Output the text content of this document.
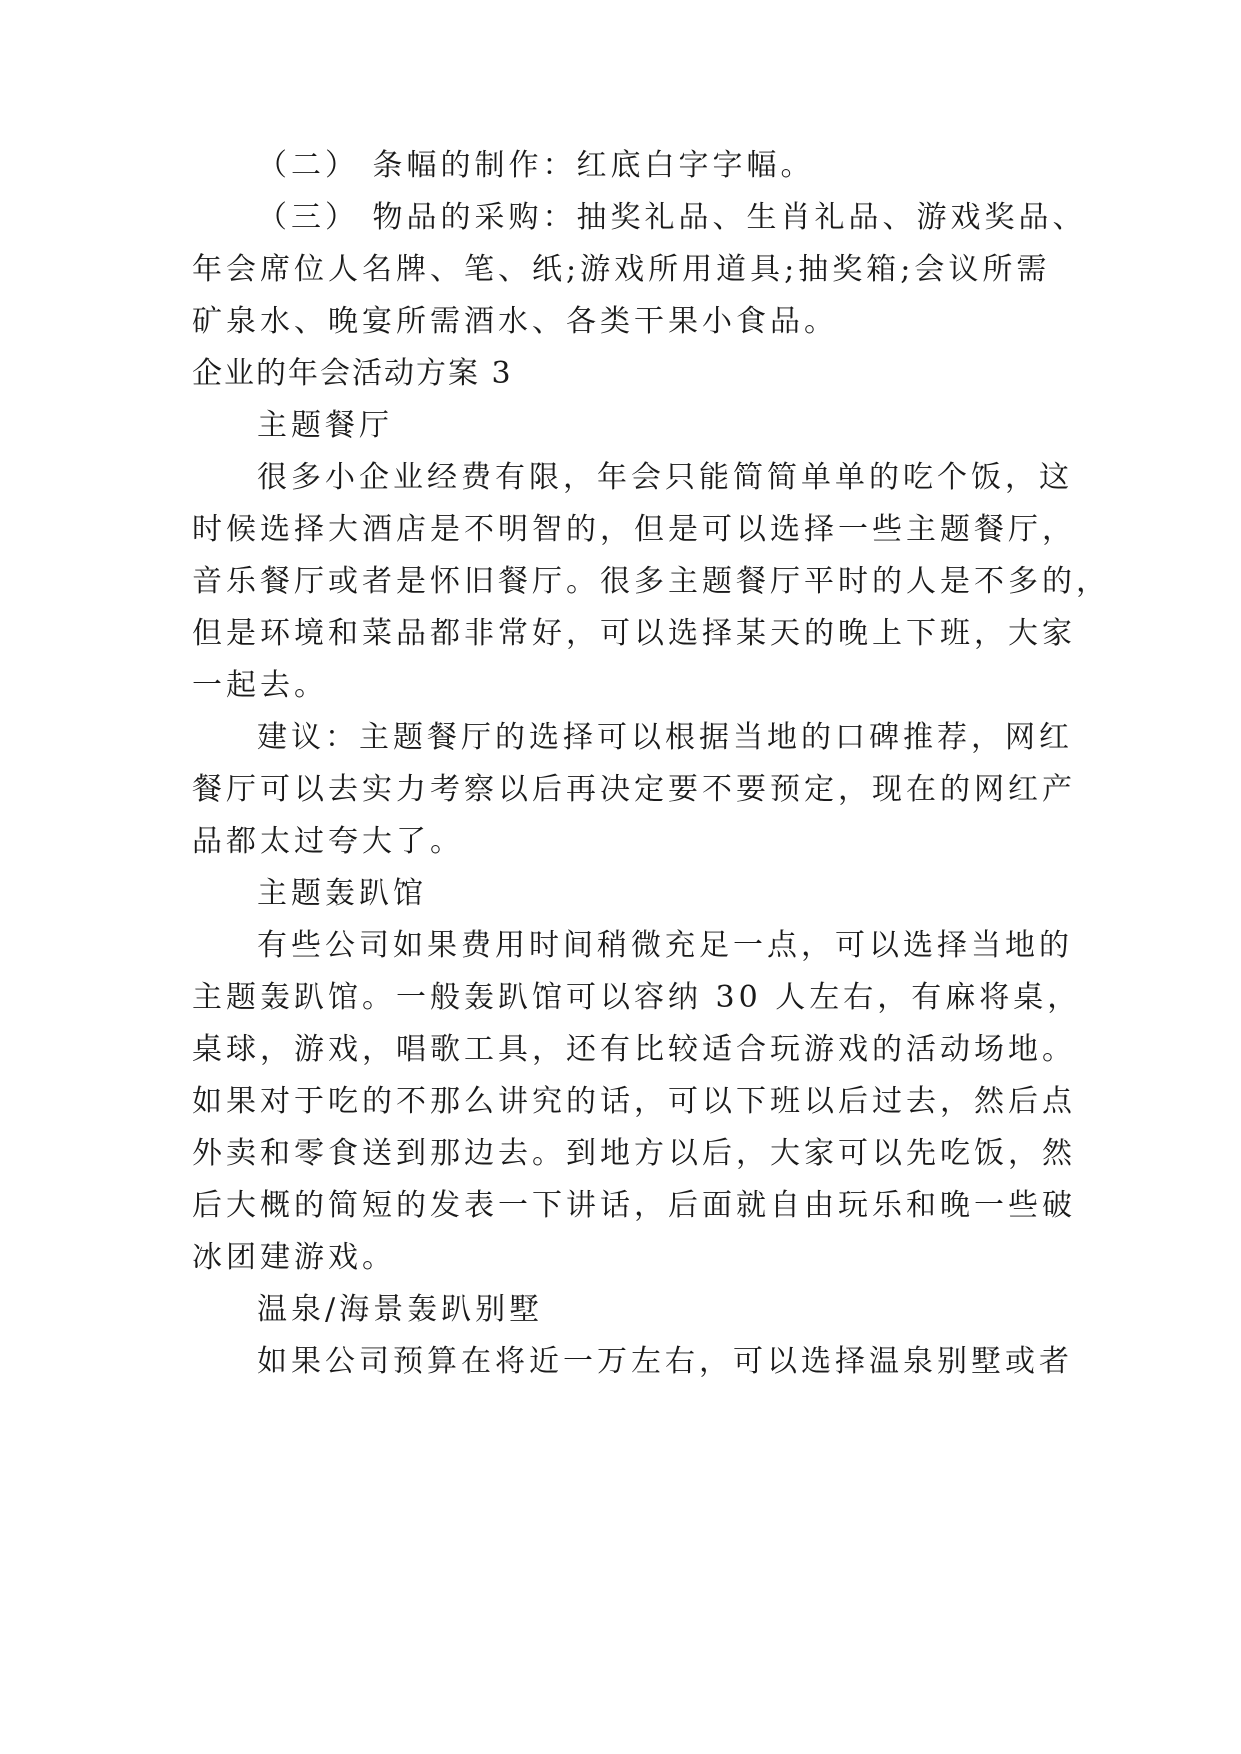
（二） 条幅的制作：红底白字字幅。
（三） 物品的采购：抽奖礼品、生肖礼品、游戏奖品、
年会席位人名牌、笔、纸;游戏所用道具;抽奖箱;会议所需
矿泉水、晚宴所需酒水、各类干果小食品。
企业的年会活动方案 3
主题餐厅
很多小企业经费有限，年会只能简简单单的吃个饭，这
时候选择大酒店是不明智的，但是可以选择一些主题餐厅，
音乐餐厅或者是怀旧餐厅。很多主题餐厅平时的人是不多的，
但是环境和菜品都非常好，可以选择某天的晚上下班，大家
一起去。
建议：主题餐厅的选择可以根据当地的口碑推荐，网红
餐厅可以去实力考察以后再决定要不要预定，现在的网红产
品都太过夸大了。
主题轰趴馆
有些公司如果费用时间稍微充足一点，可以选择当地的
主题轰趴馆。一般轰趴馆可以容纳 30 人左右，有麻将桌，
桌球，游戏，唱歌工具，还有比较适合玩游戏的活动场地。
如果对于吃的不那么讲究的话，可以下班以后过去，然后点
外卖和零食送到那边去。到地方以后，大家可以先吃饭，然
后大概的简短的发表一下讲话，后面就自由玩乐和晚一些破
冰团建游戏。
温泉/海景轰趴别墅
如果公司预算在将近一万左右，可以选择温泉别墅或者
